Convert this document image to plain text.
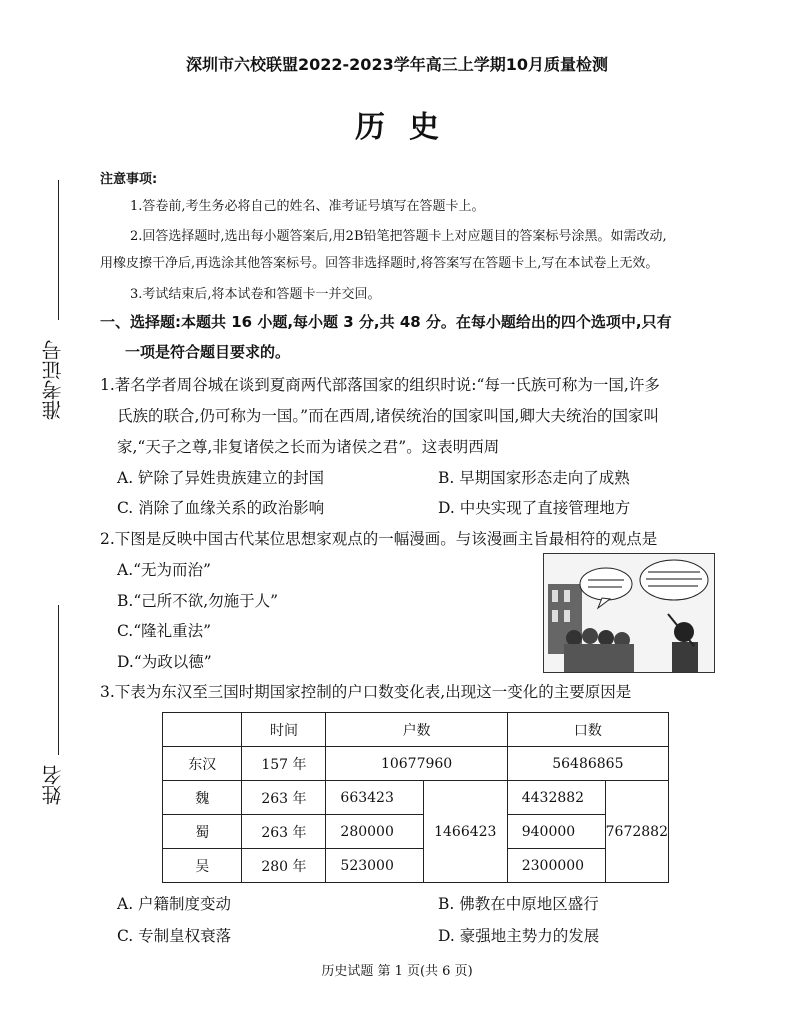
准考证号
姓名
深圳市六校联盟2022-2023学年高三上学期10月质量检测
历史
注意事项:
1.答卷前,考生务必将自己的姓名、准考证号填写在答题卡上。
2.回答选择题时,选出每小题答案后,用2B铅笔把答题卡上对应题目的答案标号涂黑。如需改动,
用橡皮擦干净后,再选涂其他答案标号。回答非选择题时,将答案写在答题卡上,写在本试卷上无效。
3.考试结束后,将本试卷和答题卡一并交回。
一、选择题:本题共 16 小题,每小题 3 分,共 48 分。在每小题给出的四个选项中,只有
一项是符合题目要求的。
1.著名学者周谷城在谈到夏商两代部落国家的组织时说:“每一氏族可称为一国,许多
氏族的联合,仍可称为一国。”而在西周,诸侯统治的国家叫国,卿大夫统治的国家叫
家,“天子之尊,非复诸侯之长而为诸侯之君”。这表明西周
A. 铲除了异姓贵族建立的封国	B. 早期国家形态走向了成熟
C. 消除了血缘关系的政治影响	D. 中央实现了直接管理地方
2.下图是反映中国古代某位思想家观点的一幅漫画。与该漫画主旨最相符的观点是
A.“无为而治”
B.“己所不欲,勿施于人”
C.“隆礼重法”
D.“为政以德”
3.下表为东汉至三国时期国家控制的户口数变化表,出现这一变化的主要原因是
	时间	户数		口数	
东汉	157 年	10677960		56486865	
魏	263 年	663423	1466423	4432882	7672882
蜀	263 年	280000		940000	
吴	280 年	523000		2300000	
A. 户籍制度变动	B. 佛教在中原地区盛行
C. 专制皇权衰落	D. 豪强地主势力的发展
历史试题 第 1 页(共 6 页)
